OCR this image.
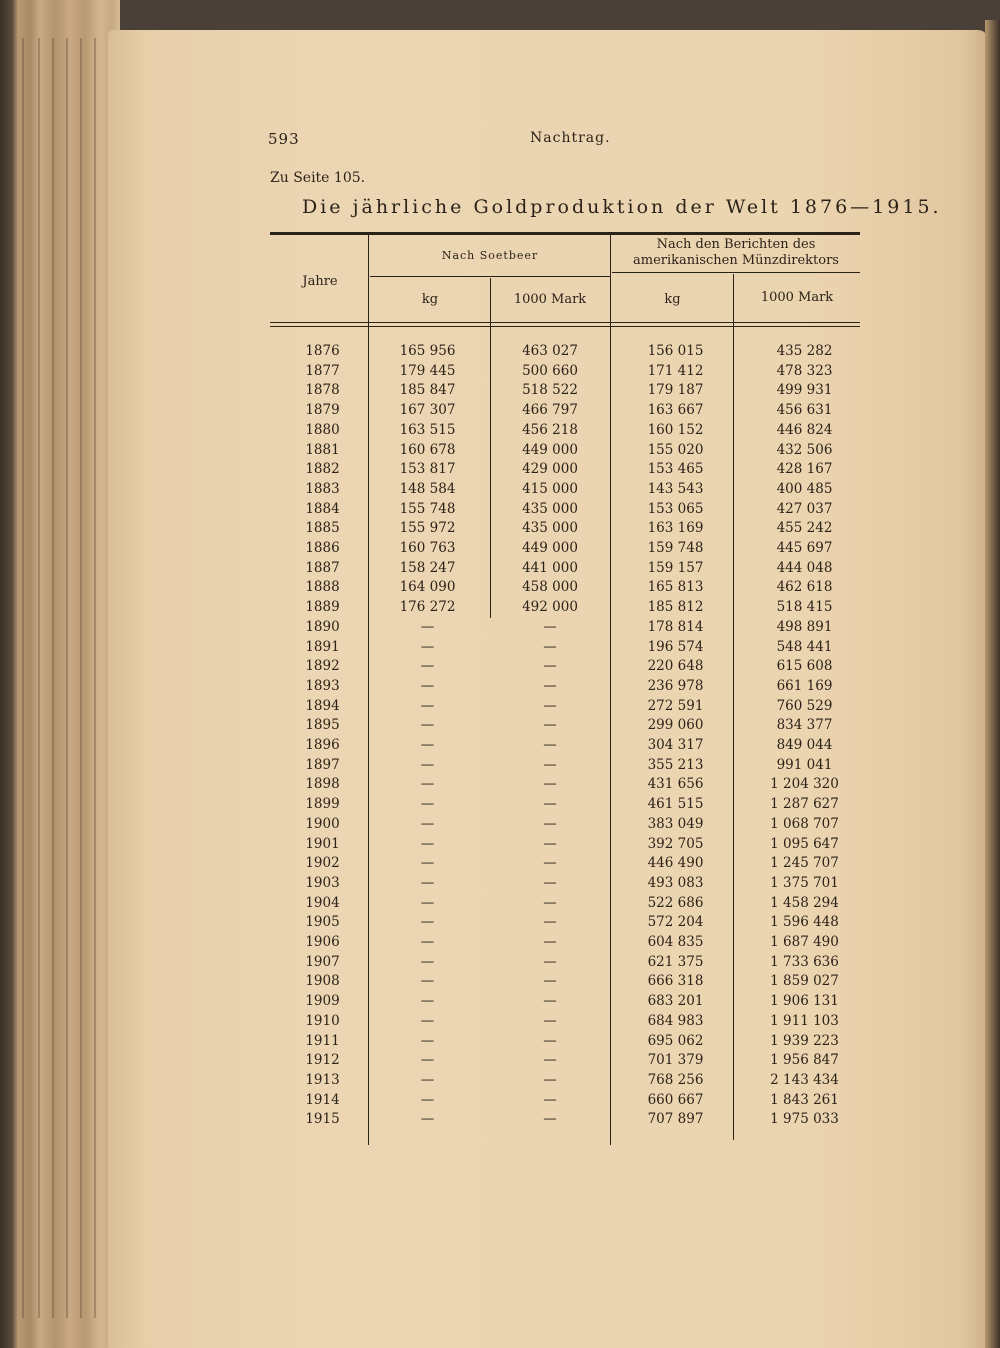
593	Nachtrag.
Zu Seite 105.
Die jährliche Goldproduktion der Welt 1876—1915.
Jahre
Nach Soetbeer
Nach den Berichten des amerikanischen Münzdirektors
kg	1000 Mark	kg	1000 Mark
1876	165 956	463 027	156 015	435 282
1877	179 445	500 660	171 412	478 323
1878	185 847	518 522	179 187	499 931
1879	167 307	466 797	163 667	456 631
1880	163 515	456 218	160 152	446 824
1881	160 678	449 000	155 020	432 506
1882	153 817	429 000	153 465	428 167
1883	148 584	415 000	143 543	400 485
1884	155 748	435 000	153 065	427 037
1885	155 972	435 000	163 169	455 242
1886	160 763	449 000	159 748	445 697
1887	158 247	441 000	159 157	444 048
1888	164 090	458 000	165 813	462 618
1889	176 272	492 000	185 812	518 415
1890	—	—	178 814	498 891
1891	—	—	196 574	548 441
1892	—	—	220 648	615 608
1893	—	—	236 978	661 169
1894	—	—	272 591	760 529
1895	—	—	299 060	834 377
1896	—	—	304 317	849 044
1897	—	—	355 213	991 041
1898	—	—	431 656	1 204 320
1899	—	—	461 515	1 287 627
1900	—	—	383 049	1 068 707
1901	—	—	392 705	1 095 647
1902	—	—	446 490	1 245 707
1903	—	—	493 083	1 375 701
1904	—	—	522 686	1 458 294
1905	—	—	572 204	1 596 448
1906	—	—	604 835	1 687 490
1907	—	—	621 375	1 733 636
1908	—	—	666 318	1 859 027
1909	—	—	683 201	1 906 131
1910	—	—	684 983	1 911 103
1911	—	—	695 062	1 939 223
1912	—	—	701 379	1 956 847
1913	—	—	768 256	2 143 434
1914	—	—	660 667	1 843 261
1915	—	—	707 897	1 975 033
